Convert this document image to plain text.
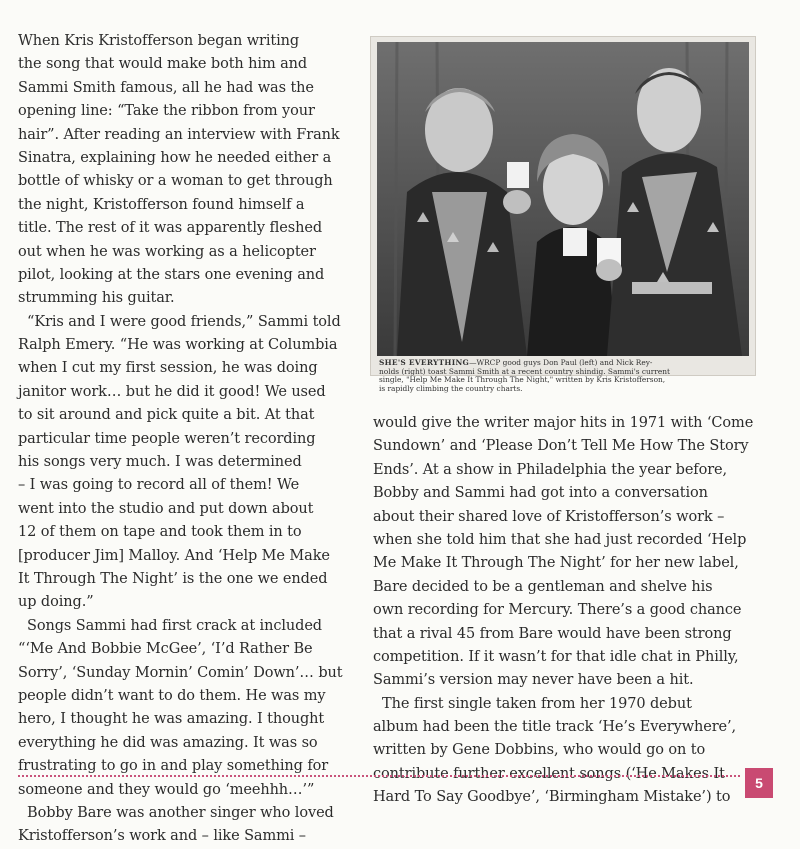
When Kris Kristofferson began writing
the song that would make both him and
Sammi Smith famous, all he had was the
opening line: “Take the ribbon from your
hair”. After reading an interview with Frank
Sinatra, explaining how he needed either a
bottle of whisky or a woman to get through
the night, Kristofferson found himself a
title. The rest of it was apparently fleshed
out when he was working as a helicopter
pilot, looking at the stars one evening and
strumming his guitar.
“Kris and I were good friends,” Sammi told
Ralph Emery. “He was working at Columbia
when I cut my first session, he was doing
janitor work… but he did it good! We used
to sit around and pick quite a bit. At that
particular time people weren’t recording
his songs very much. I was determined
– I was going to record all of them! We
went into the studio and put down about
12 of them on tape and took them in to
[producer Jim] Malloy. And ‘Help Me Make
It Through The Night’ is the one we ended
up doing.”
Songs Sammi had first crack at included
“‘Me And Bobbie McGee’, ‘I’d Rather Be
Sorry’, ‘Sunday Mornin’ Comin’ Down’… but
people didn’t want to do them. He was my
hero, I thought he was amazing. I thought
everything he did was amazing. It was so
frustrating to go in and play something for
someone and they would go ‘meehhh…’”
Bobby Bare was another singer who loved
Kristofferson’s work and – like Sammi –
SHE'S EVERYTHING—WRCP good guys Don Paul (left) and Nick Rey-
nolds (right) toast Sammi Smith at a recent country shindig. Sammi's current
single, "Help Me Make It Through The Night," written by Kris Kristofferson,
is rapidly climbing the country charts.
would give the writer major hits in 1971 with ‘Come
Sundown’ and ‘Please Don’t Tell Me How The Story
Ends’. At a show in Philadelphia the year before,
Bobby and Sammi had got into a conversation
about their shared love of Kristofferson’s work –
when she told him that she had just recorded ‘Help
Me Make It Through The Night’ for her new label,
Bare decided to be a gentleman and shelve his
own recording for Mercury. There’s a good chance
that a rival 45 from Bare would have been strong
competition. If it wasn’t for that idle chat in Philly,
Sammi’s version may never have been a hit.
The first single taken from her 1970 debut
album had been the title track ‘He’s Everywhere’,
written by Gene Dobbins, who would go on to
contribute further excellent songs (‘He Makes It
Hard To Say Goodbye’, ‘Birmingham Mistake’) to
5
